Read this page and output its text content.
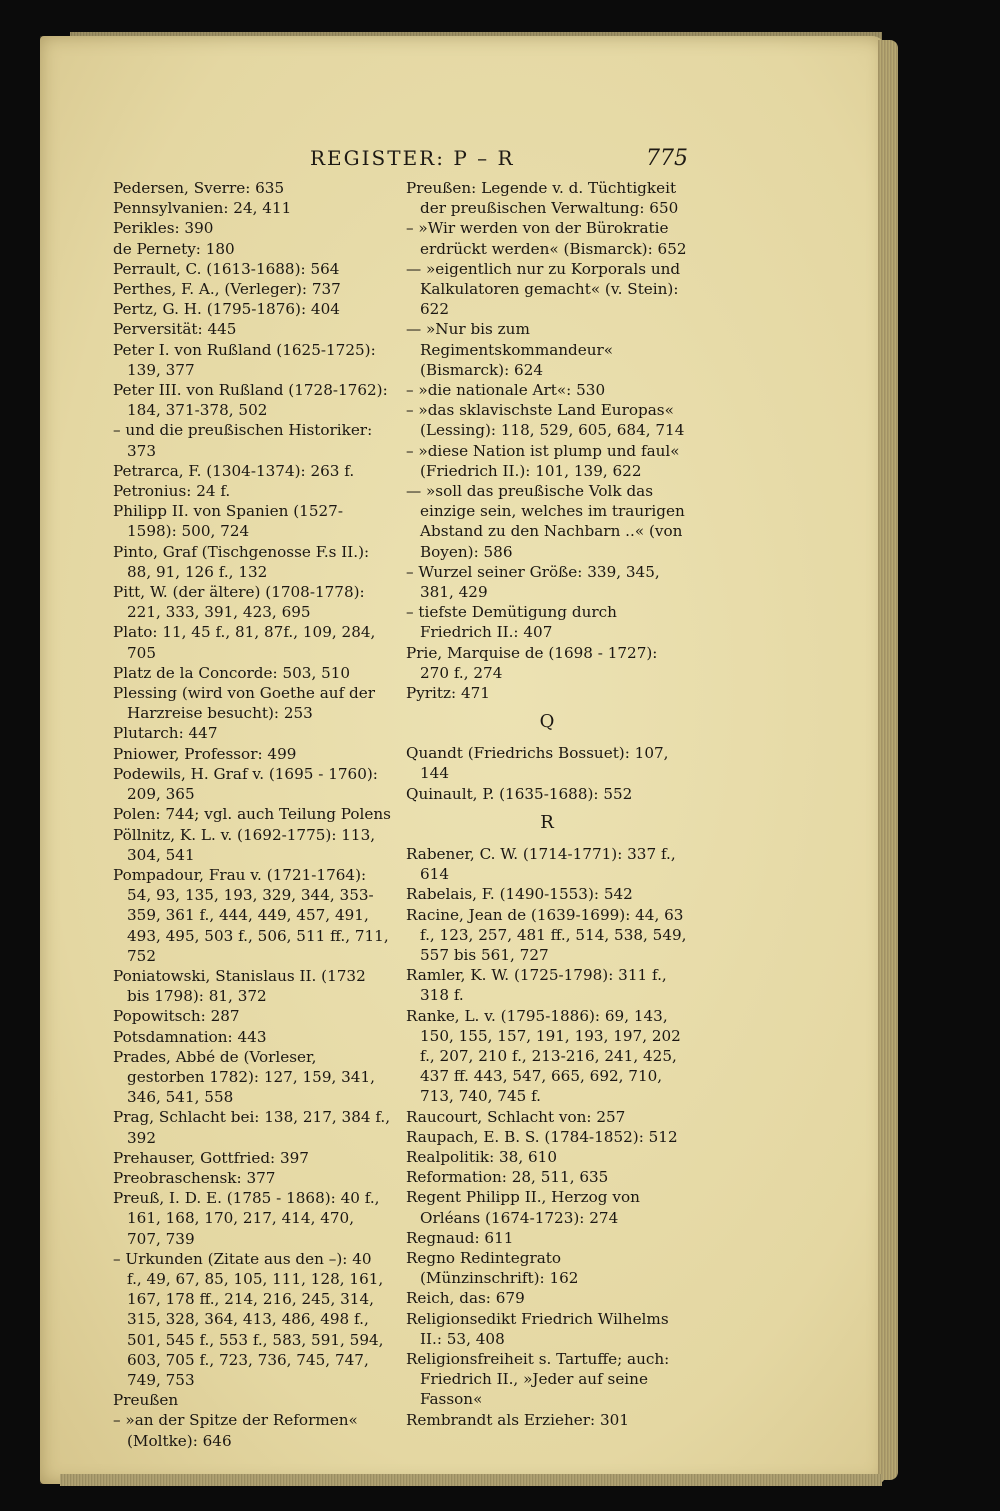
REGISTER: P – R	775
Pedersen, Sverre: 635
Pennsylvanien: 24, 411
Perikles: 390
de Pernety: 180
Perrault, C. (1613-1688): 564
Perthes, F. A., (Verleger): 737
Pertz, G. H. (1795-1876): 404
Perversität: 445
Peter I. von Rußland (1625-1725): 139, 377
Peter III. von Rußland (1728-1762): 184, 371-378, 502
– und die preußischen Historiker: 373
Petrarca, F. (1304-1374): 263 f.
Petronius: 24 f.
Philipp II. von Spanien (1527-1598): 500, 724
Pinto, Graf (Tischgenosse F.s II.): 88, 91, 126 f., 132
Pitt, W. (der ältere) (1708-1778): 221, 333, 391, 423, 695
Plato: 11, 45 f., 81, 87f., 109, 284, 705
Platz de la Concorde: 503, 510
Plessing (wird von Goethe auf der Harzreise besucht): 253
Plutarch: 447
Pniower, Professor: 499
Podewils, H. Graf v. (1695 - 1760): 209, 365
Polen: 744; vgl. auch Teilung Polens
Pöllnitz, K. L. v. (1692-1775): 113, 304, 541
Pompadour, Frau v. (1721-1764): 54, 93, 135, 193, 329, 344, 353-359, 361 f., 444, 449, 457, 491, 493, 495, 503 f., 506, 511 ff., 711, 752
Poniatowski, Stanislaus II. (1732 bis 1798): 81, 372
Popowitsch: 287
Potsdamnation: 443
Prades, Abbé de (Vorleser, gestorben 1782): 127, 159, 341, 346, 541, 558
Prag, Schlacht bei: 138, 217, 384 f., 392
Prehauser, Gottfried: 397
Preobraschensk: 377
Preuß, I. D. E. (1785 - 1868): 40 f., 161, 168, 170, 217, 414, 470, 707, 739
– Urkunden (Zitate aus den –): 40 f., 49, 67, 85, 105, 111, 128, 161, 167, 178 ff., 214, 216, 245, 314, 315, 328, 364, 413, 486, 498 f., 501, 545 f., 553 f., 583, 591, 594, 603, 705 f., 723, 736, 745, 747, 749, 753
Preußen
– »an der Spitze der Reformen« (Moltke): 646
Preußen: Legende v. d. Tüchtigkeit der preußischen Verwaltung: 650
– »Wir werden von der Bürokratie erdrückt werden« (Bismarck): 652
— »eigentlich nur zu Korporals und Kalkulatoren gemacht« (v. Stein): 622
— »Nur bis zum Regimentskommandeur« (Bismarck): 624
– »die nationale Art«: 530
– »das sklavischste Land Europas« (Lessing): 118, 529, 605, 684, 714
– »diese Nation ist plump und faul« (Friedrich II.): 101, 139, 622
— »soll das preußische Volk das einzige sein, welches im traurigen Abstand zu den Nachbarn ..« (von Boyen): 586
– Wurzel seiner Größe: 339, 345, 381, 429
– tiefste Demütigung durch Friedrich II.: 407
Prie, Marquise de (1698 - 1727): 270 f., 274
Pyritz: 471
Q
Quandt (Friedrichs Bossuet): 107, 144
Quinault, P. (1635-1688): 552
R
Rabener, C. W. (1714-1771): 337 f., 614
Rabelais, F. (1490-1553): 542
Racine, Jean de (1639-1699): 44, 63 f., 123, 257, 481 ff., 514, 538, 549, 557 bis 561, 727
Ramler, K. W. (1725-1798): 311 f., 318 f.
Ranke, L. v. (1795-1886): 69, 143, 150, 155, 157, 191, 193, 197, 202 f., 207, 210 f., 213-216, 241, 425, 437 ff. 443, 547, 665, 692, 710, 713, 740, 745 f.
Raucourt, Schlacht von: 257
Raupach, E. B. S. (1784-1852): 512
Realpolitik: 38, 610
Reformation: 28, 511, 635
Regent Philipp II., Herzog von Orléans (1674-1723): 274
Regnaud: 611
Regno Redintegrato (Münzinschrift): 162
Reich, das: 679
Religionsedikt Friedrich Wilhelms II.: 53, 408
Religionsfreiheit s. Tartuffe; auch: Friedrich II., »Jeder auf seine Fasson«
Rembrandt als Erzieher: 301
